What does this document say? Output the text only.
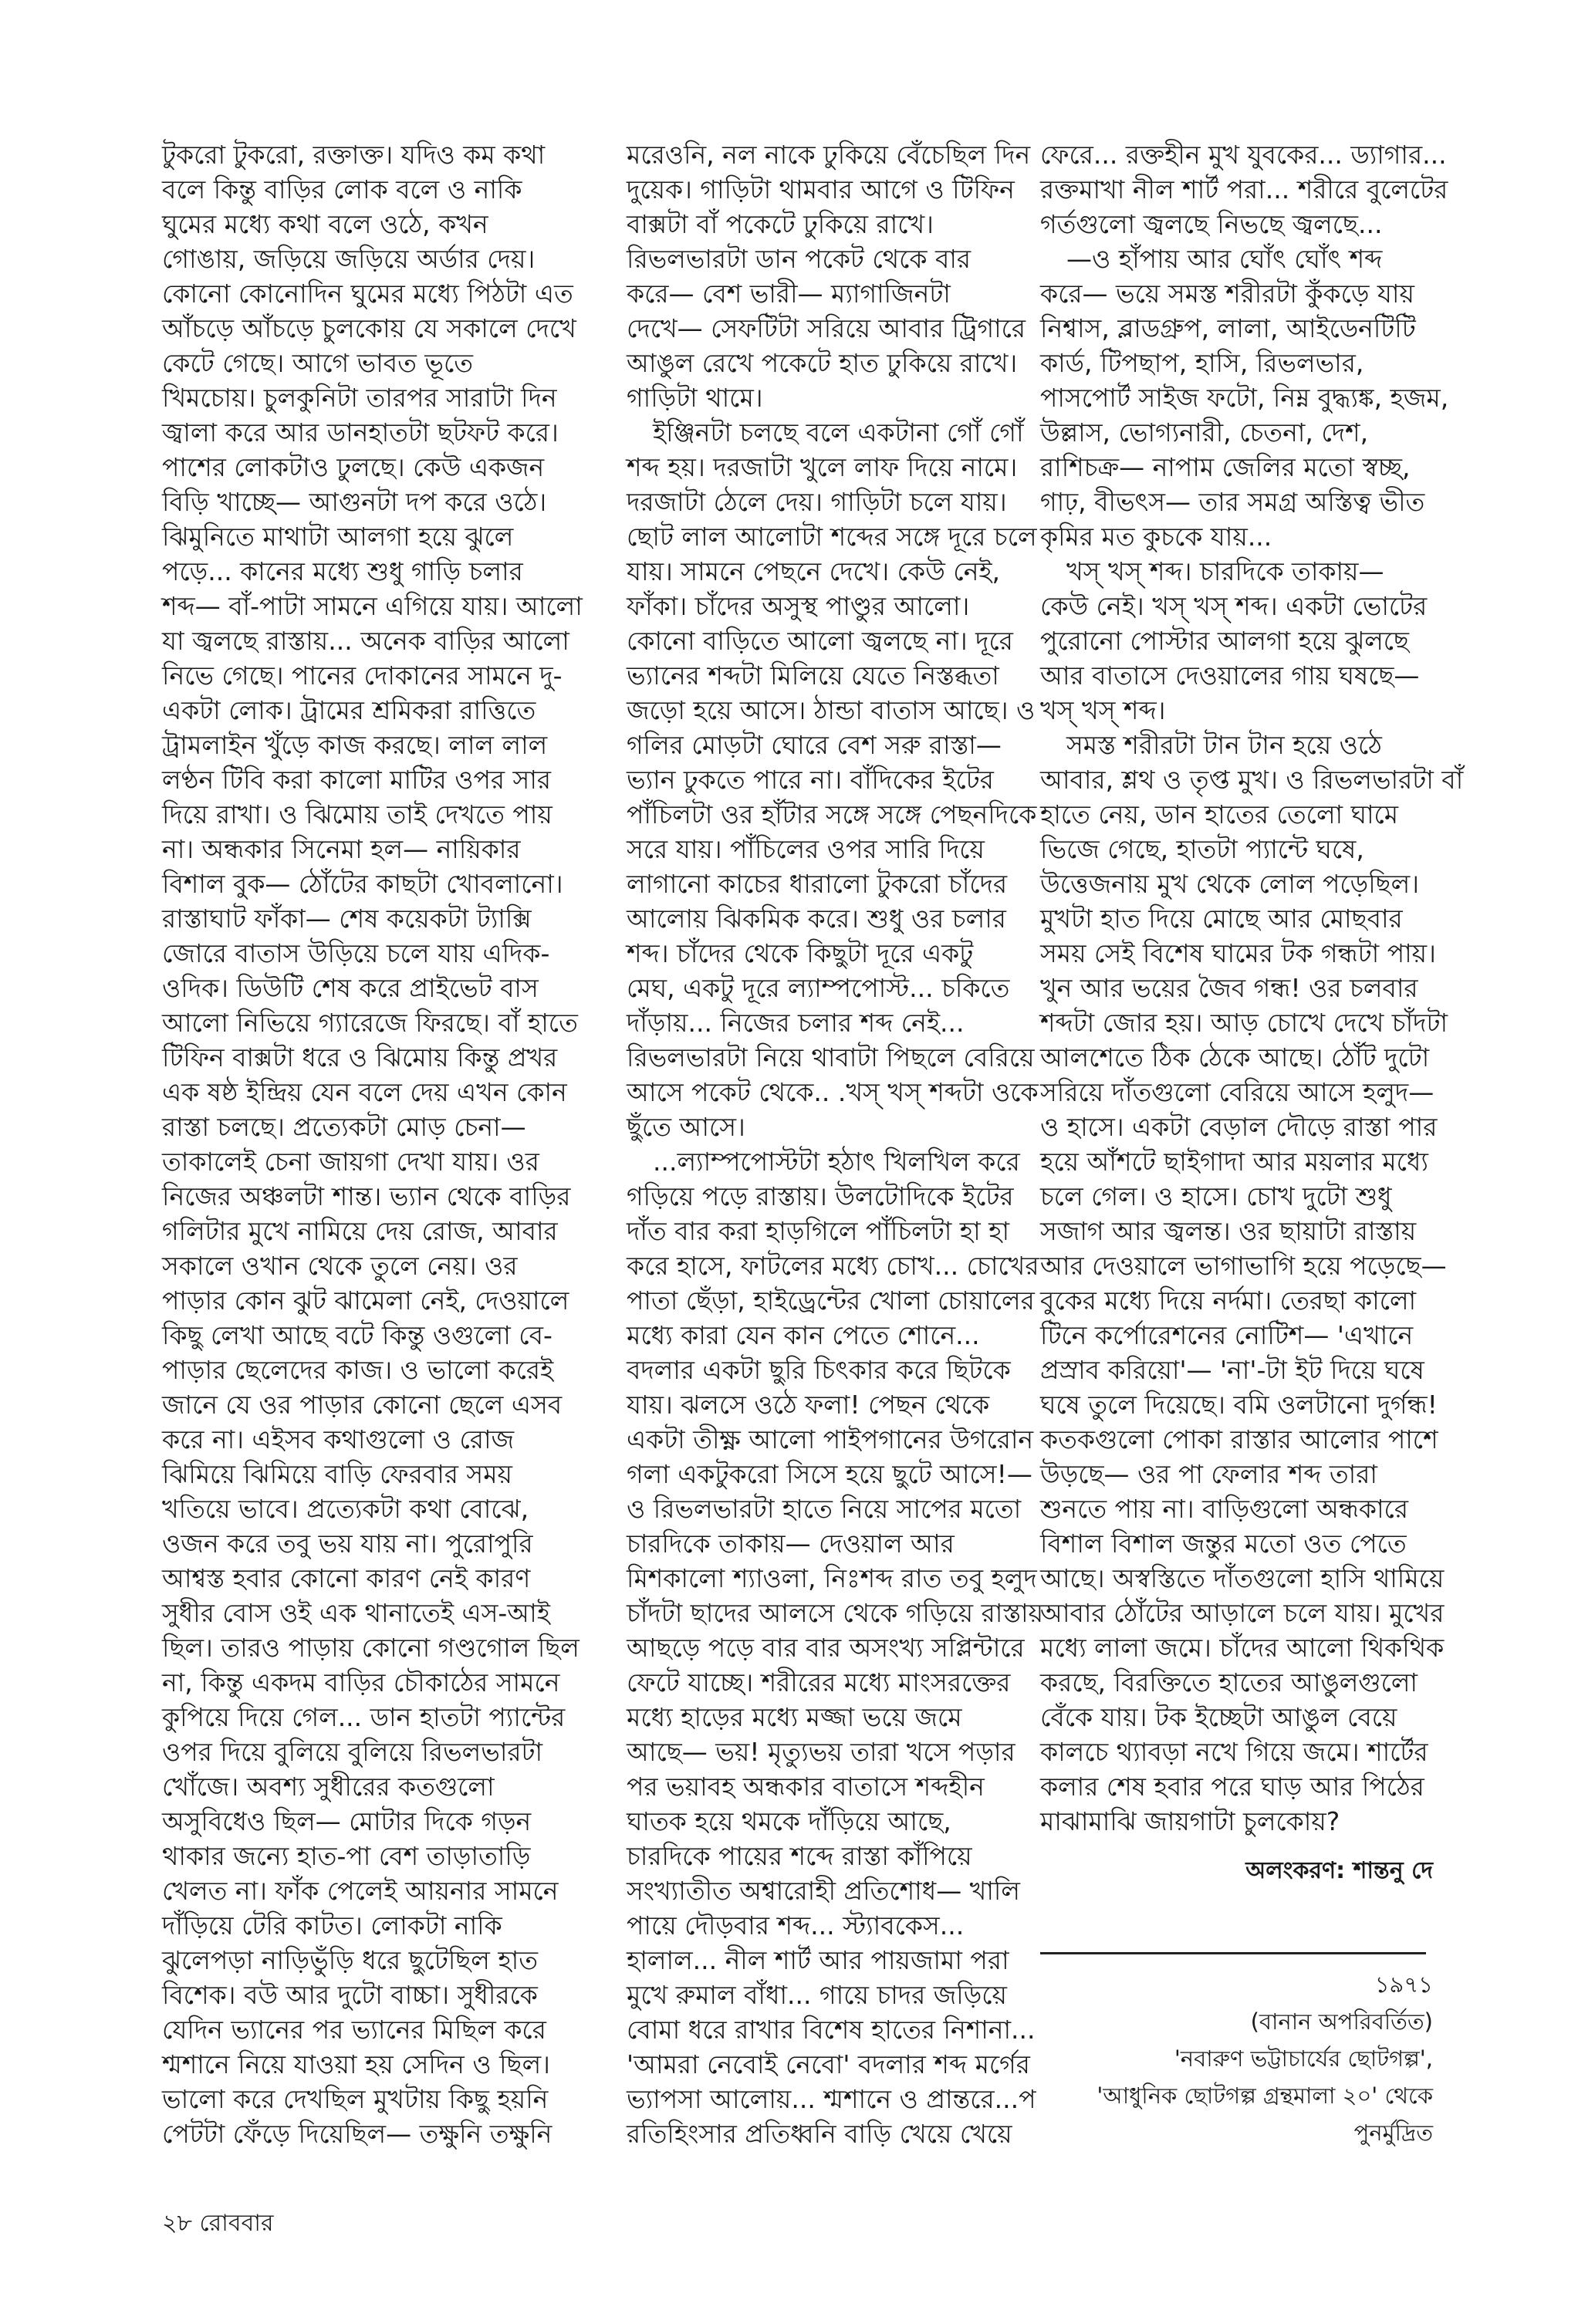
টুকরো টুকরো, রক্তাক্ত। যদিও কম কথা
বলে কিন্তু বাড়ির লোক বলে ও নাকি
ঘুমের মধ্যে কথা বলে ওঠে, কখন
গোঙায়, জড়িয়ে জড়িয়ে অর্ডার দেয়।
কোনো কোনোদিন ঘুমের মধ্যে পিঠটা এত
আঁচড়ে আঁচড়ে চুলকোয় যে সকালে দেখে
কেটে গেছে। আগে ভাবত ভূতে
খিমচোয়। চুলকুনিটা তারপর সারাটা দিন
জ্বালা করে আর ডানহাতটা ছটফট করে।
পাশের লোকটাও ঢুলছে। কেউ একজন
বিড়ি খাচ্ছে— আগুনটা দপ করে ওঠে।
ঝিমুনিতে মাথাটা আলগা হয়ে ঝুলে
পড়ে... কানের মধ্যে শুধু গাড়ি চলার
শব্দ— বাঁ-পাটা সামনে এগিয়ে যায়। আলো
যা জ্বলছে রাস্তায়... অনেক বাড়ির আলো
নিভে গেছে। পানের দোকানের সামনে দু-
একটা লোক। ট্রামের শ্রমিকরা রাত্তিতে
ট্রামলাইন খুঁড়ে কাজ করছে। লাল লাল
লণ্ঠন টিবি করা কালো মাটির ওপর সার
দিয়ে রাখা। ও ঝিমোয় তাই দেখতে পায়
না। অন্ধকার সিনেমা হল— নায়িকার
বিশাল বুক— ঠোঁটের কাছটা খোবলানো।
রাস্তাঘাট ফাঁকা— শেষ কয়েকটা ট্যাক্সি
জোরে বাতাস উড়িয়ে চলে যায় এদিক-
ওদিক। ডিউটি শেষ করে প্রাইভেট বাস
আলো নিভিয়ে গ্যারেজে ফিরছে। বাঁ হাতে
টিফিন বাক্সটা ধরে ও ঝিমোয় কিন্তু প্রখর
এক ষষ্ঠ ইন্দ্রিয় যেন বলে দেয় এখন কোন
রাস্তা চলছে। প্রত্যেকটা মোড় চেনা—
তাকালেই চেনা জায়গা দেখা যায়। ওর
নিজের অঞ্চলটা শান্ত। ভ্যান থেকে বাড়ির
গলিটার মুখে নামিয়ে দেয় রোজ, আবার
সকালে ওখান থেকে তুলে নেয়। ওর
পাড়ার কোন ঝুট ঝামেলা নেই, দেওয়ালে
কিছু লেখা আছে বটে কিন্তু ওগুলো বে-
পাড়ার ছেলেদের কাজ। ও ভালো করেই
জানে যে ওর পাড়ার কোনো ছেলে এসব
করে না। এইসব কথাগুলো ও রোজ
ঝিমিয়ে ঝিমিয়ে বাড়ি ফেরবার সময়
খতিয়ে ভাবে। প্রত্যেকটা কথা বোঝে,
ওজন করে তবু ভয় যায় না। পুরোপুরি
আশ্বস্ত হবার কোনো কারণ নেই কারণ
সুধীর বোস ওই এক থানাতেই এস-আই
ছিল। তারও পাড়ায় কোনো গণ্ডগোল ছিল
না, কিন্তু একদম বাড়ির চৌকাঠের সামনে
কুপিয়ে দিয়ে গেল... ডান হাতটা প্যান্টের
ওপর দিয়ে বুলিয়ে বুলিয়ে রিভলভারটা
খোঁজে। অবশ্য সুধীরের কতগুলো
অসুবিধেও ছিল— মোটার দিকে গড়ন
থাকার জন্যে হাত-পা বেশ তাড়াতাড়ি
খেলত না। ফাঁক পেলেই আয়নার সামনে
দাঁড়িয়ে টেরি কাটত। লোকটা নাকি
ঝুলেপড়া নাড়িভুঁড়ি ধরে ছুটেছিল হাত
বিশেক। বউ আর দুটো বাচ্চা। সুধীরকে
যেদিন ভ্যানের পর ভ্যানের মিছিল করে
শ্মশানে নিয়ে যাওয়া হয় সেদিন ও ছিল।
ভালো করে দেখছিল মুখটায় কিছু হয়নি
পেটটা ফেঁড়ে দিয়েছিল— তক্ষুনি তক্ষুনি
মরেওনি, নল নাকে ঢুকিয়ে বেঁচেছিল দিন
দুয়েক। গাড়িটা থামবার আগে ও টিফিন
বাক্সটা বাঁ পকেটে ঢুকিয়ে রাখে।
রিভলভারটা ডান পকেট থেকে বার
করে— বেশ ভারী— ম্যাগাজিনটা
দেখে— সেফটিটা সরিয়ে আবার ট্রিগারে
আঙুল রেখে পকেটে হাত ঢুকিয়ে রাখে।
গাড়িটা থামে।
ইঞ্জিনটা চলছে বলে একটানা গোঁ গোঁ
শব্দ হয়। দরজাটা খুলে লাফ দিয়ে নামে।
দরজাটা ঠেলে দেয়। গাড়িটা চলে যায়।
ছোট লাল আলোটা শব্দের সঙ্গে দূরে চলে
যায়। সামনে পেছনে দেখে। কেউ নেই,
ফাঁকা। চাঁদের অসুস্থ পাণ্ডুর আলো।
কোনো বাড়িতে আলো জ্বলছে না। দূরে
ভ্যানের শব্দটা মিলিয়ে যেতে নিস্তব্ধতা
জড়ো হয়ে আসে। ঠান্ডা বাতাস আছে। ও
গলির মোড়টা ঘোরে বেশ সরু রাস্তা—
ভ্যান ঢুকতে পারে না। বাঁদিকের ইটের
পাঁচিলটা ওর হাঁটার সঙ্গে সঙ্গে পেছনদিকে
সরে যায়। পাঁচিলের ওপর সারি দিয়ে
লাগানো কাচের ধারালো টুকরো চাঁদের
আলোয় ঝিকমিক করে। শুধু ওর চলার
শব্দ। চাঁদের থেকে কিছুটা দূরে একটু
মেঘ, একটু দূরে ল্যাম্পপোস্ট... চকিতে
দাঁড়ায়... নিজের চলার শব্দ নেই...
রিভলভারটা নিয়ে থাবাটা পিছলে বেরিয়ে
আসে পকেট থেকে.. .খস্ খস্ শব্দটা ওকে
ছুঁতে আসে।
...ল্যাম্পপোস্টটা হঠাৎ খিলখিল করে
গড়িয়ে পড়ে রাস্তায়। উলটোদিকে ইটের
দাঁত বার করা হাড়গিলে পাঁচিলটা হা হা
করে হাসে, ফাটলের মধ্যে চোখ... চোখের
পাতা ছেঁড়া, হাইড্রেন্টের খোলা চোয়ালের
মধ্যে কারা যেন কান পেতে শোনে...
বদলার একটা ছুরি চিৎকার করে ছিটকে
যায়। ঝলসে ওঠে ফলা! পেছন থেকে
একটা তীক্ষ্ণ আলো পাইপগানের উগরোন
গলা একটুকরো সিসে হয়ে ছুটে আসে!—
ও রিভলভারটা হাতে নিয়ে সাপের মতো
চারদিকে তাকায়— দেওয়াল আর
মিশকালো শ্যাওলা, নিঃশব্দ রাত তবু হলুদ
চাঁদটা ছাদের আলসে থেকে গড়িয়ে রাস্তায়
আছড়ে পড়ে বার বার অসংখ্য সপ্লিন্টারে
ফেটে যাচ্ছে। শরীরের মধ্যে মাংসরক্তের
মধ্যে হাড়ের মধ্যে মজ্জা ভয়ে জমে
আছে— ভয়! মৃত্যুভয় তারা খসে পড়ার
পর ভয়াবহ অন্ধকার বাতাসে শব্দহীন
ঘাতক হয়ে থমকে দাঁড়িয়ে আছে,
চারদিকে পায়ের শব্দে রাস্তা কাঁপিয়ে
সংখ্যাতীত অশ্বারোহী প্রতিশোধ— খালি
পায়ে দৌড়বার শব্দ... স্ট্যাবকেস...
হালাল... নীল শার্ট আর পায়জামা পরা
মুখে রুমাল বাঁধা... গায়ে চাদর জড়িয়ে
বোমা ধরে রাখার বিশেষ হাতের নিশানা...
'আমরা নেবোই নেবো' বদলার শব্দ মর্গের
ভ্যাপসা আলোয়... শ্মশানে ও প্রান্তরে...প
রতিহিংসার প্রতিধ্বনি বাড়ি খেয়ে খেয়ে
ফেরে... রক্তহীন মুখ যুবকের... ড্যাগার...
রক্তমাখা নীল শার্ট পরা... শরীরে বুলেটের
গর্তগুলো জ্বলছে নিভছে জ্বলছে...
—ও হাঁপায় আর ঘোঁৎ ঘোঁৎ শব্দ
করে— ভয়ে সমস্ত শরীরটা কুঁকড়ে যায়
নিশ্বাস, ব্লাডগ্রুপ, লালা, আইডেনটিটি
কার্ড, টিপছাপ, হাসি, রিভলভার,
পাসপোর্ট সাইজ ফটো, নিম্ন বুদ্ধ্যঙ্ক, হজম,
উল্লাস, ভোগ্যনারী, চেতনা, দেশ,
রাশিচক্র— নাপাম জেলির মতো স্বচ্ছ,
গাঢ়, বীভৎস— তার সমগ্র অস্তিত্ব ভীত
কৃমির মত কুচকে যায়...
খস্ খস্ শব্দ। চারদিকে তাকায়—
কেউ নেই। খস্ খস্ শব্দ। একটা ভোটের
পুরোনো পোস্টার আলগা হয়ে ঝুলছে
আর বাতাসে দেওয়ালের গায় ঘষছে—
খস্ খস্ শব্দ।
সমস্ত শরীরটা টান টান হয়ে ওঠে
আবার, শ্লথ ও তৃপ্ত মুখ। ও রিভলভারটা বাঁ
হাতে নেয়, ডান হাতের তেলো ঘামে
ভিজে গেছে, হাতটা প্যান্টে ঘষে,
উত্তেজনায় মুখ থেকে লোল পড়েছিল।
মুখটা হাত দিয়ে মোছে আর মোছবার
সময় সেই বিশেষ ঘামের টক গন্ধটা পায়।
খুন আর ভয়ের জৈব গন্ধ! ওর চলবার
শব্দটা জোর হয়। আড় চোখে দেখে চাঁদটা
আলশেতে ঠিক ঠেকে আছে। ঠোঁট দুটো
সরিয়ে দাঁতগুলো বেরিয়ে আসে হলুদ—
ও হাসে। একটা বেড়াল দৌড়ে রাস্তা পার
হয়ে আঁশটে ছাইগাদা আর ময়লার মধ্যে
চলে গেল। ও হাসে। চোখ দুটো শুধু
সজাগ আর জ্বলন্ত। ওর ছায়াটা রাস্তায়
আর দেওয়ালে ভাগাভাগি হয়ে পড়েছে—
বুকের মধ্যে দিয়ে নর্দমা। তেরছা কালো
টিনে কর্পোরেশনের নোটিশ— 'এখানে
প্রস্রাব করিয়ো'— 'না'-টা ইট দিয়ে ঘষে
ঘষে তুলে দিয়েছে। বমি ওলটানো দুর্গন্ধ!
কতকগুলো পোকা রাস্তার আলোর পাশে
উড়ছে— ওর পা ফেলার শব্দ তারা
শুনতে পায় না। বাড়িগুলো অন্ধকারে
বিশাল বিশাল জন্তুর মতো ওত পেতে
আছে। অস্বস্তিতে দাঁতগুলো হাসি থামিয়ে
আবার ঠোঁটের আড়ালে চলে যায়। মুখের
মধ্যে লালা জমে। চাঁদের আলো থিকথিক
করছে, বিরক্তিতে হাতের আঙুলগুলো
বেঁকে যায়। টক ইচ্ছেটা আঙুল বেয়ে
কালচে থ্যাবড়া নখে গিয়ে জমে। শার্টের
কলার শেষ হবার পরে ঘাড় আর পিঠের
মাঝামাঝি জায়গাটা চুলকোয়?
অলংকরণ: শান্তনু দে
১৯৭১
(বানান অপরিবর্তিত)
'নবারুণ ভট্টাচার্যের ছোটগল্প',
'আধুনিক ছোটগল্প গ্রন্থমালা ২০' থেকে
পুনর্মুদ্রিত
২৮ রোববার
